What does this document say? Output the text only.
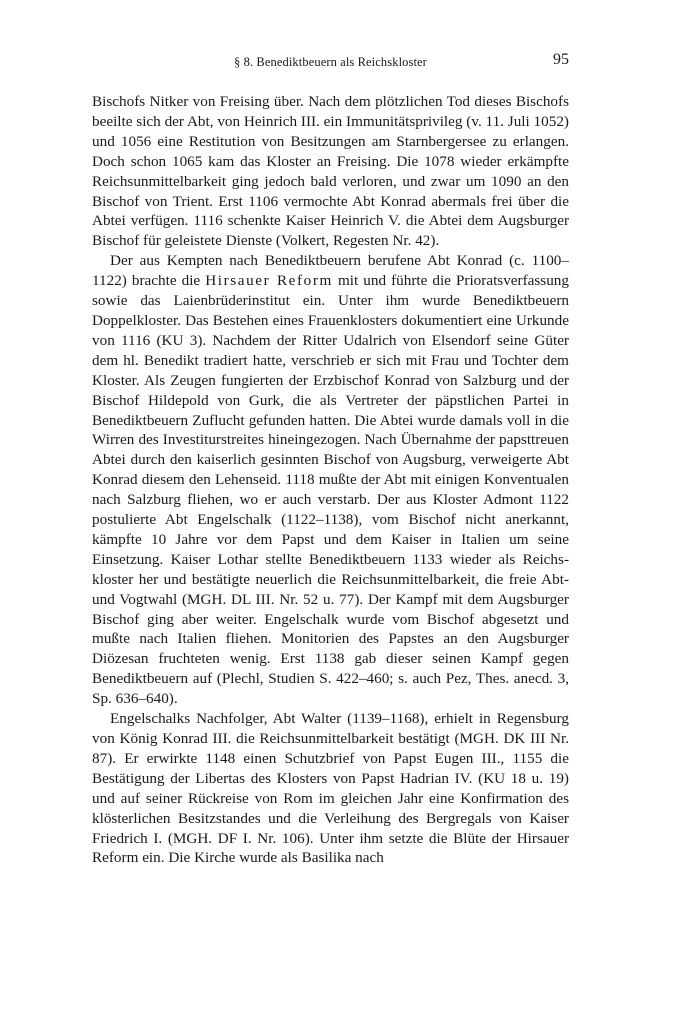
§ 8. Benediktbeuern als Reichskloster	95

Bischofs Nitker von Freising über. Nach dem plötzlichen Tod dieses Bischofs beeilte sich der Abt, von Heinrich III. ein Immunitätsprivileg (v. 11. Juli 1052) und 1056 eine Restitution von Besitzungen am Starnbergersee zu erlangen. Doch schon 1065 kam das Kloster an Freising. Die 1078 wieder erkämpfte Reichsunmittelbarkeit ging jedoch bald verloren, und zwar um 1090 an den Bischof von Trient. Erst 1106 vermochte Abt Konrad abermals frei über die Abtei verfügen. 1116 schenkte Kaiser Heinrich V. die Abtei dem Augsburger Bischof für geleistete Dienste (Volkert, Regesten Nr. 42).

Der aus Kempten nach Benediktbeuern berufene Abt Konrad (c. 1100–1122) brachte die Hirsauer Reform mit und führte die Prioratsverfassung sowie das Laienbrüderinstitut ein. Unter ihm wurde Benediktbeuern Doppelkloster. Das Bestehen eines Frauenklosters dokumentiert eine Urkunde von 1116 (KU 3). Nachdem der Ritter Udalrich von Elsendorf seine Güter dem hl. Benedikt tradiert hatte, verschrieb er sich mit Frau und Tochter dem Kloster. Als Zeugen fungierten der Erzbischof Konrad von Salzburg und der Bischof Hildepold von Gurk, die als Vertreter der päpstlichen Partei in Benediktbeuern Zuflucht gefunden hatten. Die Abtei wurde damals voll in die Wirren des Investiturstreites hineingezogen. Nach Übernahme der papsttreuen Abtei durch den kaiserlich gesinnten Bischof von Augsburg, verweigerte Abt Konrad diesem den Lehenseid. 1118 mußte der Abt mit einigen Konventualen nach Salzburg fliehen, wo er auch verstarb. Der aus Kloster Admont 1122 postulierte Abt Engelschalk (1122–1138), vom Bischof nicht anerkannt, kämpfte 10 Jahre vor dem Papst und dem Kaiser in Italien um seine Einsetzung. Kaiser Lothar stellte Benediktbeuern 1133 wieder als Reichskloster her und bestätigte neuerlich die Reichsunmittelbarkeit, die freie Abt- und Vogtwahl (MGH. DL III. Nr. 52 u. 77). Der Kampf mit dem Augsburger Bischof ging aber weiter. Engelschalk wurde vom Bischof abgesetzt und mußte nach Italien fliehen. Monitorien des Papstes an den Augsburger Diözesan fruchteten wenig. Erst 1138 gab dieser seinen Kampf gegen Benediktbeuern auf (Plechl, Studien S. 422–460; s. auch Pez, Thes. anecd. 3, Sp. 636–640).

Engelschalks Nachfolger, Abt Walter (1139–1168), erhielt in Regensburg von König Konrad III. die Reichsunmittelbarkeit bestätigt (MGH. DK III Nr. 87). Er erwirkte 1148 einen Schutzbrief von Papst Eugen III., 1155 die Bestätigung der Libertas des Klosters von Papst Hadrian IV. (KU 18 u. 19) und auf seiner Rückreise von Rom im gleichen Jahr eine Konfirmation des klösterlichen Besitzstandes und die Verleihung des Bergregals von Kaiser Friedrich I. (MGH. DF I. Nr. 106). Unter ihm setzte die Blüte der Hirsauer Reform ein. Die Kirche wurde als Basilika nach
